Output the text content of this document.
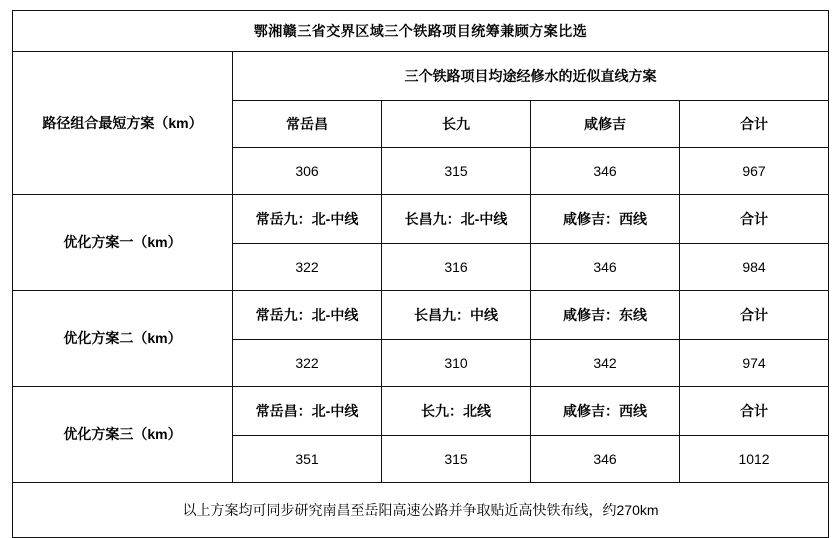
鄂湘赣三省交界区域三个铁路项目统筹兼顾方案比选				
路径组合最短方案（km）	三个铁路项目均途经修水的近似直线方案			
	常岳昌	长九	咸修吉	合计
	306	315	346	967
优化方案一（km）	常岳九：北-中线	长昌九：北-中线	咸修吉：西线	合计
	322	316	346	984
优化方案二（km）	常岳九：北-中线	长昌九：中线	咸修吉：东线	合计
	322	310	342	974
优化方案三（km）	常岳昌：北-中线	长九：北线	咸修吉：西线	合计
	351	315	346	1012
以上方案均可同步研究南昌至岳阳高速公路并争取贴近高快铁布线，约270km				
